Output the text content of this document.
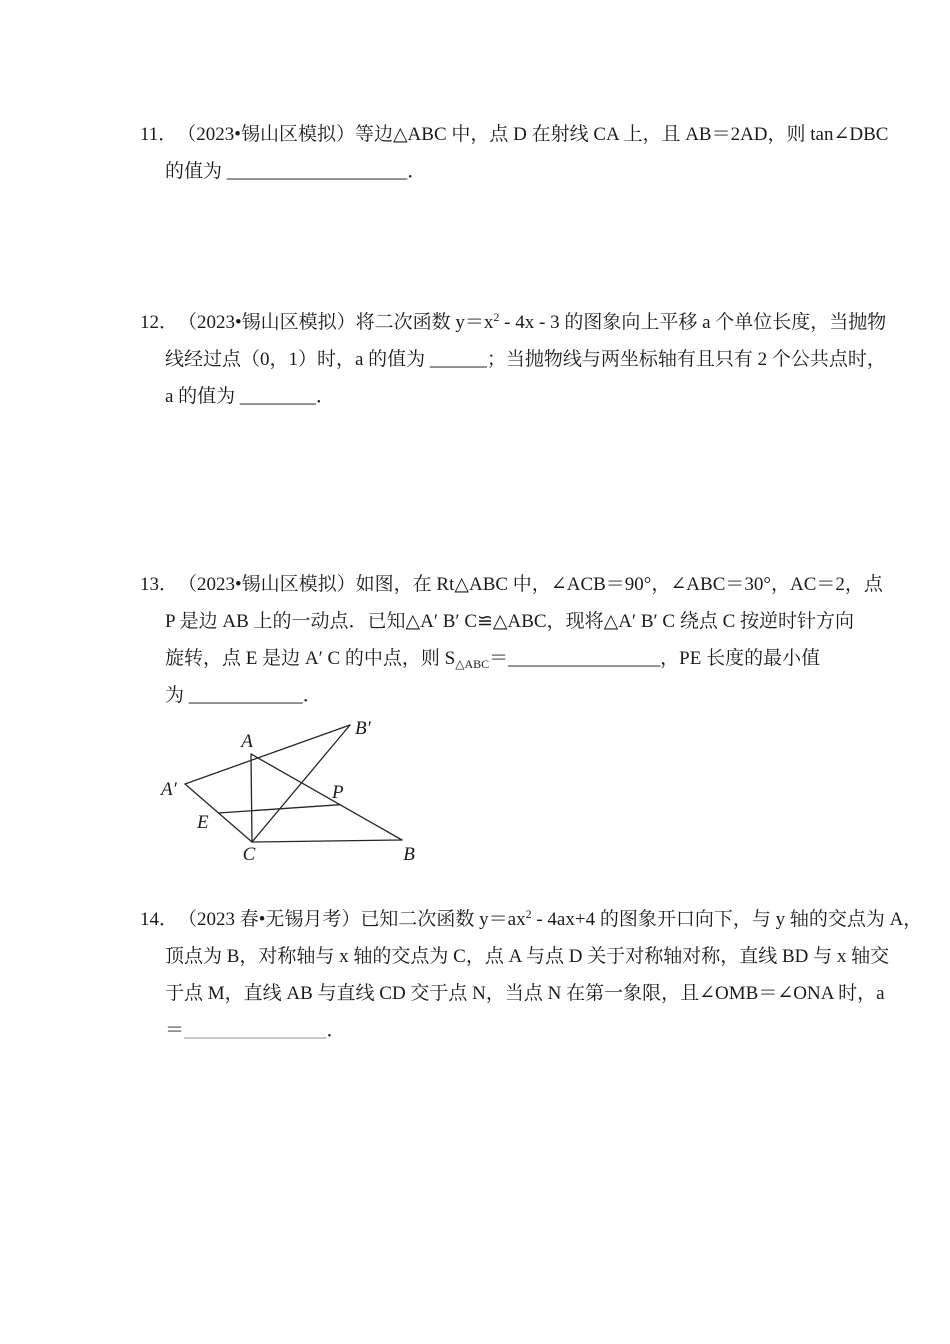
11．（2023•锡山区模拟）等边△ABC 中，点 D 在射线 CA 上，且 AB＝2AD，则 tan∠DBC
的值为 ___________________．
12．（2023•锡山区模拟）将二次函数 $y=x^2 - 4x - 3$ 的图象向上平移 a 个单位长度，当抛物
线经过点（0，1）时，a 的值为 ______；当抛物线与两坐标轴有且只有 2 个公共点时，
a 的值为 ________．
13．（2023•锡山区模拟）如图，在 Rt△ABC 中，∠ACB＝90°，∠ABC＝30°，AC＝2，点
P 是边 AB 上的一动点．已知△A′ B′ C≌△ABC，现将△A′ B′ C 绕点 C 按逆时针方向
旋转，点 E 是边 A′ C 的中点，则 $S_{\triangle ABC}=\_\_\_\_\_\_\_\_\_\_\_\_\_\_\_\_$，PE 长度的最小值
为 ____________．
A
A′
B′
P
E
C	B
14．（2023 春•无锡月考）已知二次函数 $y=ax^2 - 4ax+4$ 的图象开口向下，与 y 轴的交点为 A，
顶点为 B，对称轴与 x 轴的交点为 C，点 A 与点 D 关于对称轴对称，直线 BD 与 x 轴交
于点 M，直线 AB 与直线 CD 交于点 N，当点 N 在第一象限，且∠OMB＝∠ONA 时，a
＝_______________．
